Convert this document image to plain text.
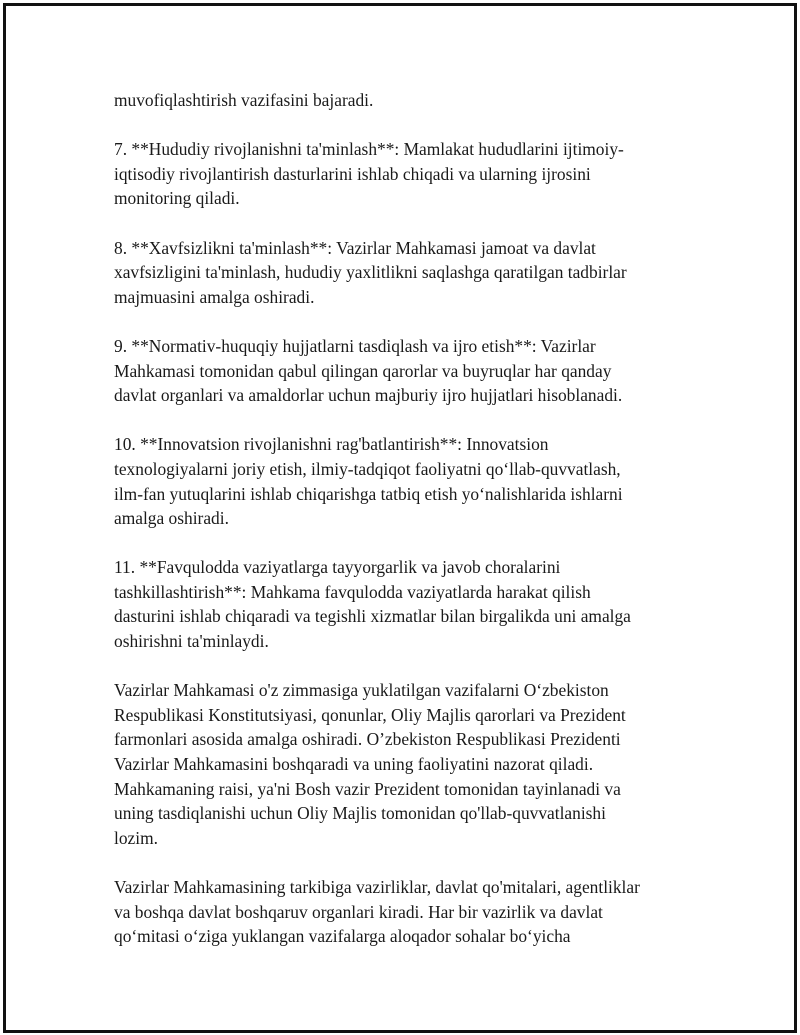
muvofiqlashtirish vazifasini bajaradi.

7. **Hududiy rivojlanishni ta'minlash**: Mamlakat hududlarini ijtimoiy-
iqtisodiy rivojlantirish dasturlarini ishlab chiqadi va ularning ijrosini
monitoring qiladi.

8. **Xavfsizlikni ta'minlash**: Vazirlar Mahkamasi jamoat va davlat
xavfsizligini ta'minlash, hududiy yaxlitlikni saqlashga qaratilgan tadbirlar
majmuasini amalga oshiradi.

9. **Normativ-huquqiy hujjatlarni tasdiqlash va ijro etish**: Vazirlar
Mahkamasi tomonidan qabul qilingan qarorlar va buyruqlar har qanday
davlat organlari va amaldorlar uchun majburiy ijro hujjatlari hisoblanadi.

10. **Innovatsion rivojlanishni rag'batlantirish**: Innovatsion
texnologiyalarni joriy etish, ilmiy-tadqiqot faoliyatni qo‘llab-quvvatlash,
ilm-fan yutuqlarini ishlab chiqarishga tatbiq etish yo‘nalishlarida ishlarni
amalga oshiradi.

11. **Favqulodda vaziyatlarga tayyorgarlik va javob choralarini
tashkillashtirish**: Mahkama favqulodda vaziyatlarda harakat qilish
dasturini ishlab chiqaradi va tegishli xizmatlar bilan birgalikda uni amalga
oshirishni ta'minlaydi.

Vazirlar Mahkamasi o'z zimmasiga yuklatilgan vazifalarni O‘zbekiston
Respublikasi Konstitutsiyasi, qonunlar, Oliy Majlis qarorlari va Prezident
farmonlari asosida amalga oshiradi. O’zbekiston Respublikasi Prezidenti
Vazirlar Mahkamasini boshqaradi va uning faoliyatini nazorat qiladi.
Mahkamaning raisi, ya'ni Bosh vazir Prezident tomonidan tayinlanadi va
uning tasdiqlanishi uchun Oliy Majlis tomonidan qo'llab-quvvatlanishi
lozim.

Vazirlar Mahkamasining tarkibiga vazirliklar, davlat qo'mitalari, agentliklar
va boshqa davlat boshqaruv organlari kiradi. Har bir vazirlik va davlat
qo‘mitasi o‘ziga yuklangan vazifalarga aloqador sohalar bo‘yicha
